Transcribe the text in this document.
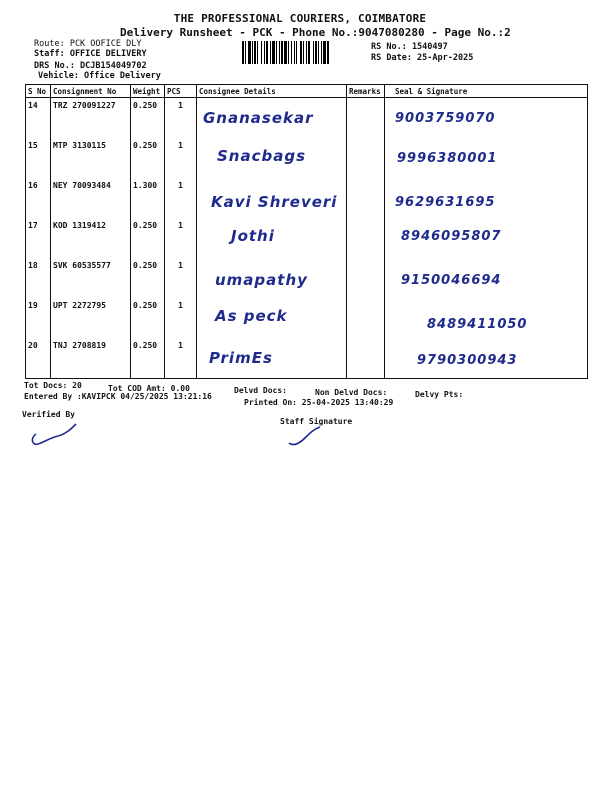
THE PROFESSIONAL COURIERS, COIMBATORE
Delivery Runsheet - PCK - Phone No.:9047080280 - Page No.:2
Route: PCK OOFICE DLY
Staff: OFFICE DELIVERY
DRS No.: DCJB154049702
Vehicle: Office Delivery
RS No.: 1540497
RS Date: 25-Apr-2025
S No	Consignment No	Weight	PCS	Consignee Details	Remarks	Seal & Signature
14	TRZ 270091227	0.250	1	Gnanasekar		9003759070

15	MTP 3130115	0.250	1	Snacbags		9996380001

16	NEY 70093484	1.300	1	Kavi Shreveri		9629631695

17	KOD 1319412	0.250	1	Jothi		8946095807

18	SVK 60535577	0.250	1	umapathy		9150046694

19	UPT 2272795	0.250	1	As peck		8489411050

20	TNJ 2708819	0.250	1	PrimEs		9790300943
Tot Docs: 20	Tot COD Amt: 0.00	Delvd Docs:	Non Delvd Docs:	Delvy Pts:
Entered By :KAVIPCK 04/25/2025 13:21:16
Printed On: 25-04-2025 13:40:29
Verified By
Staff Signature
